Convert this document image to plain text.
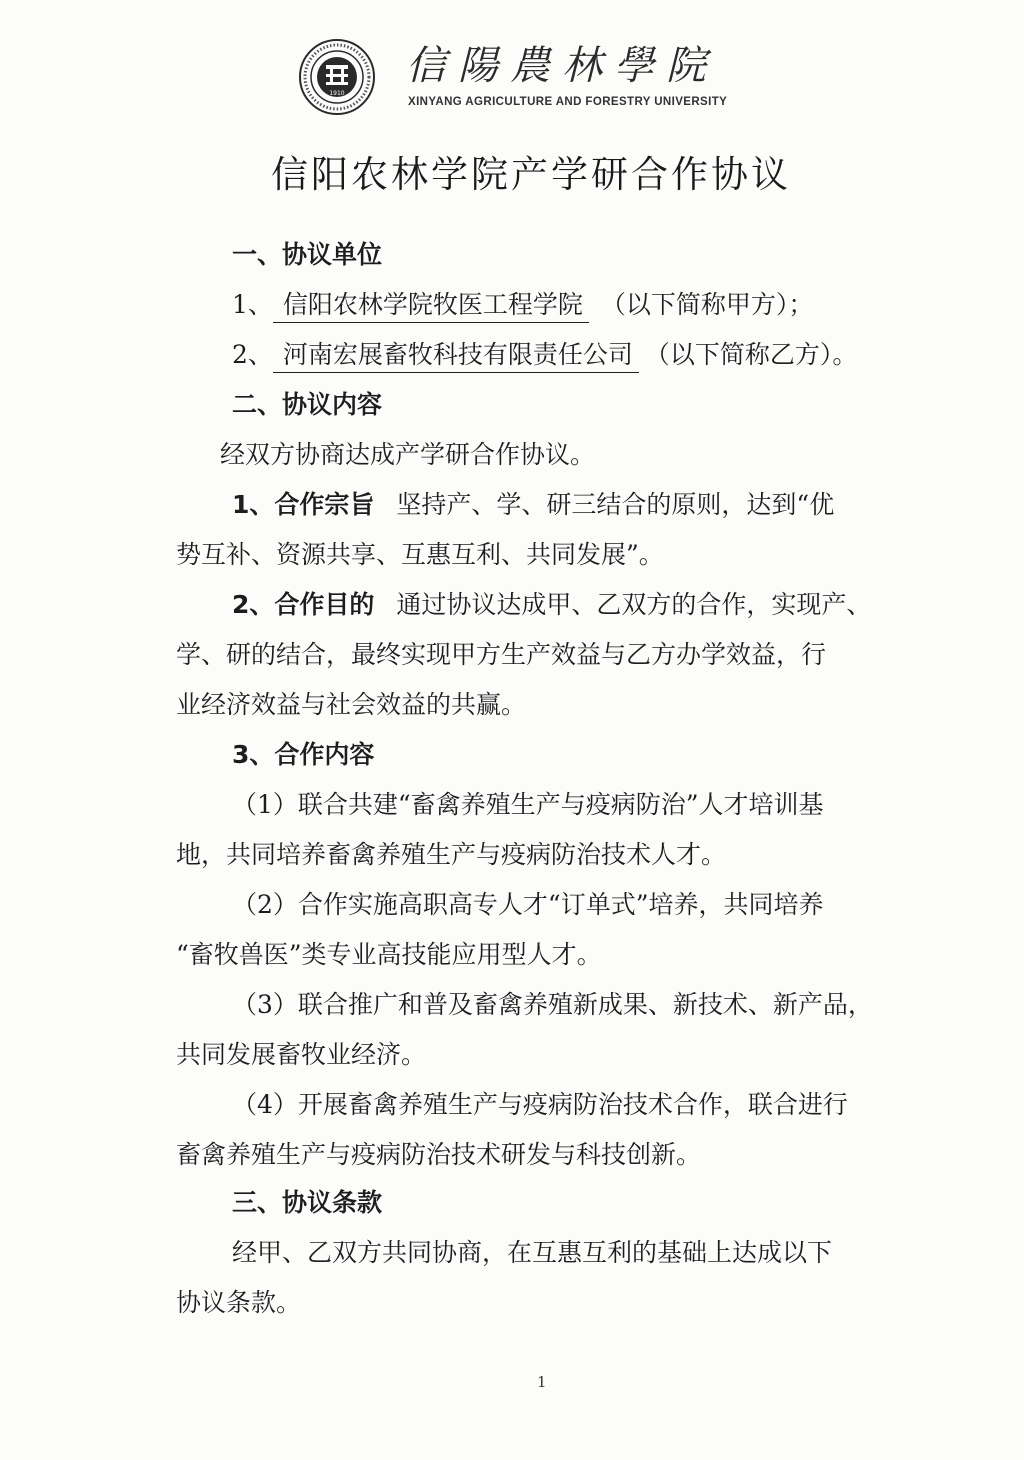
1910
信陽農林學院
XINYANG AGRICULTURE AND FORESTRY UNIVERSITY
信阳农林学院产学研合作协议
一、协议单位
1、 信阳农林学院牧医工程学院 （以下简称甲方）；
2、 河南宏展畜牧科技有限责任公司 （以下简称乙方）。
二、协议内容
经双方协商达成产学研合作协议。
1、合作宗旨 坚持产、学、研三结合的原则，达到“优
势互补、资源共享、互惠互利、共同发展”。
2、合作目的 通过协议达成甲、乙双方的合作，实现产、
学、研的结合，最终实现甲方生产效益与乙方办学效益，行
业经济效益与社会效益的共赢。
3、合作内容
（1）联合共建“畜禽养殖生产与疫病防治”人才培训基
地，共同培养畜禽养殖生产与疫病防治技术人才。
（2）合作实施高职高专人才“订单式”培养，共同培养
“畜牧兽医”类专业高技能应用型人才。
（3）联合推广和普及畜禽养殖新成果、新技术、新产品，
共同发展畜牧业经济。
（4）开展畜禽养殖生产与疫病防治技术合作，联合进行
畜禽养殖生产与疫病防治技术研发与科技创新。
三、协议条款
经甲、乙双方共同协商，在互惠互利的基础上达成以下
协议条款。
1
